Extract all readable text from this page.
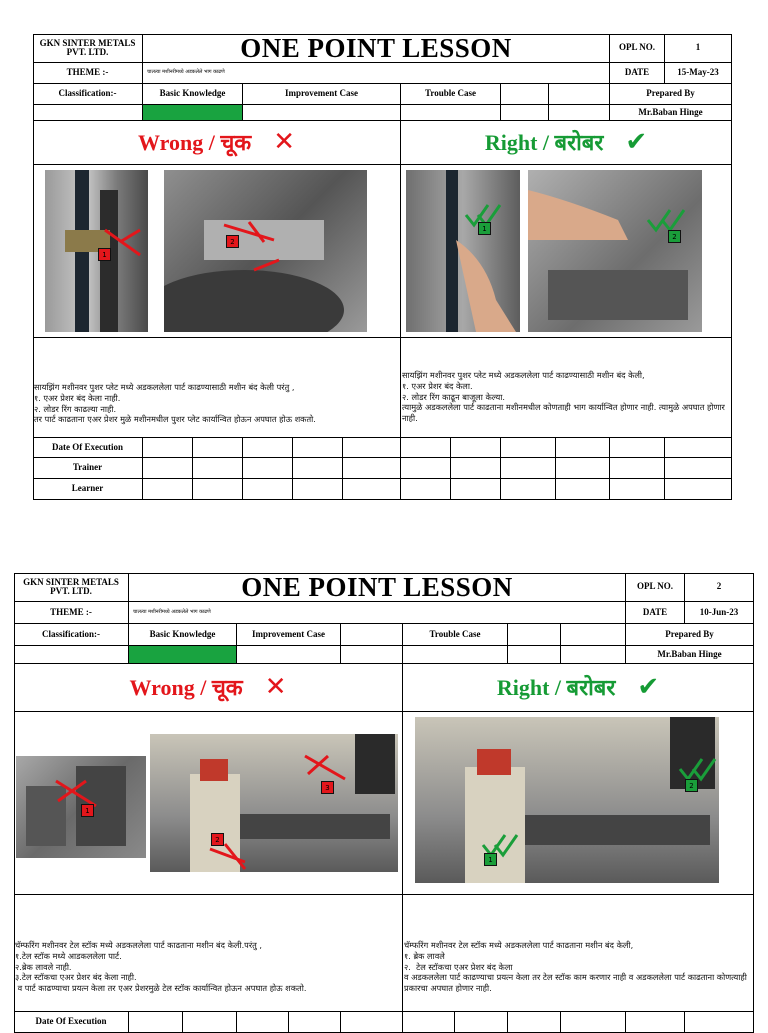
GKN SINTER METALS PVT. LTD.	ONE POINT LESSON	OPL NO.	1
THEME :-	चालत्या मशीनरीमध्ये अडकलेले भाग काढणे	DATE	15-May-23
Classification:-	Basic Knowledge	Improvement Case	Trouble Case	Prepared By
Mr.Baban Hinge
Wrong / चूक ✕	Right / बरोबर ✔
1
2
1
2
सायझिंग मशीनवर पुशर प्लेट मध्ये अडकललेला पार्ट काढण्यासाठी मशीन बंद केली परंतु ,
१. एअर प्रेशर बंद केला नाही.
२. लोडर रिंग काढल्या नाही.
तर पार्ट काढताना एअर प्रेशर मुळे मशीनमधील पुशर प्लेट कार्यान्वित होऊन अपघात होऊ शकतो.
सायझिंग मशीनवर पुशर प्लेट मध्ये अडकललेला पार्ट काढण्यासाठी मशीन बंद केली,
१. एअर प्रेशर बंद केला.
२. लोडर रिंग काढून बाजूला केल्या.
त्यामुळे अडकललेला पार्ट काढताना मशीनमधील कोणताही भाग कार्यान्वित होणार नाही. त्यामुळे अपघात होणार नाही.
Date Of Execution
Trainer
Learner
GKN SINTER METALS PVT. LTD.	ONE POINT LESSON	OPL NO.	2
THEME :-	चालत्या मशीनरीमध्ये अडकलेले भाग काढणे	DATE	10-Jun-23
Classification:-	Basic Knowledge	Improvement Case	Trouble Case	Prepared By
Mr.Baban Hinge
Wrong / चूक ✕	Right / बरोबर ✔
1
2
3
1
2
चॅम्फरिंग मशीनवर टेल स्टॉक मध्ये अडकललेला पार्ट काढताना मशीन बंद केली.परंतु ,
१.टेल स्टॉक मध्ये आडकललेला पार्ट.
२.ब्रेक लावले नाही.
३.टेल स्टॉकचा एअर प्रेशर बंद केला नाही.
व पार्ट काढण्याचा प्रयत्न केला तर एअर प्रेशरमुळे टेल स्टॉक कार्यान्वित होऊन अपघात होऊ शकतो.
चॅम्फरिंग मशीनवर टेल स्टॉक मध्ये अडकललेला पार्ट काढताना मशीन बंद केली,
१. ब्रेक लावले
२.  टेल स्टॉकचा एअर प्रेशर बंद केला
व अडकललेला पार्ट काढण्याचा प्रयत्न केला तर टेल स्टॉक काम करणार नाही व अडकललेला पार्ट काढताना कोणत्याही प्रकारचा अपघात होणार नाही.
Date Of Execution
